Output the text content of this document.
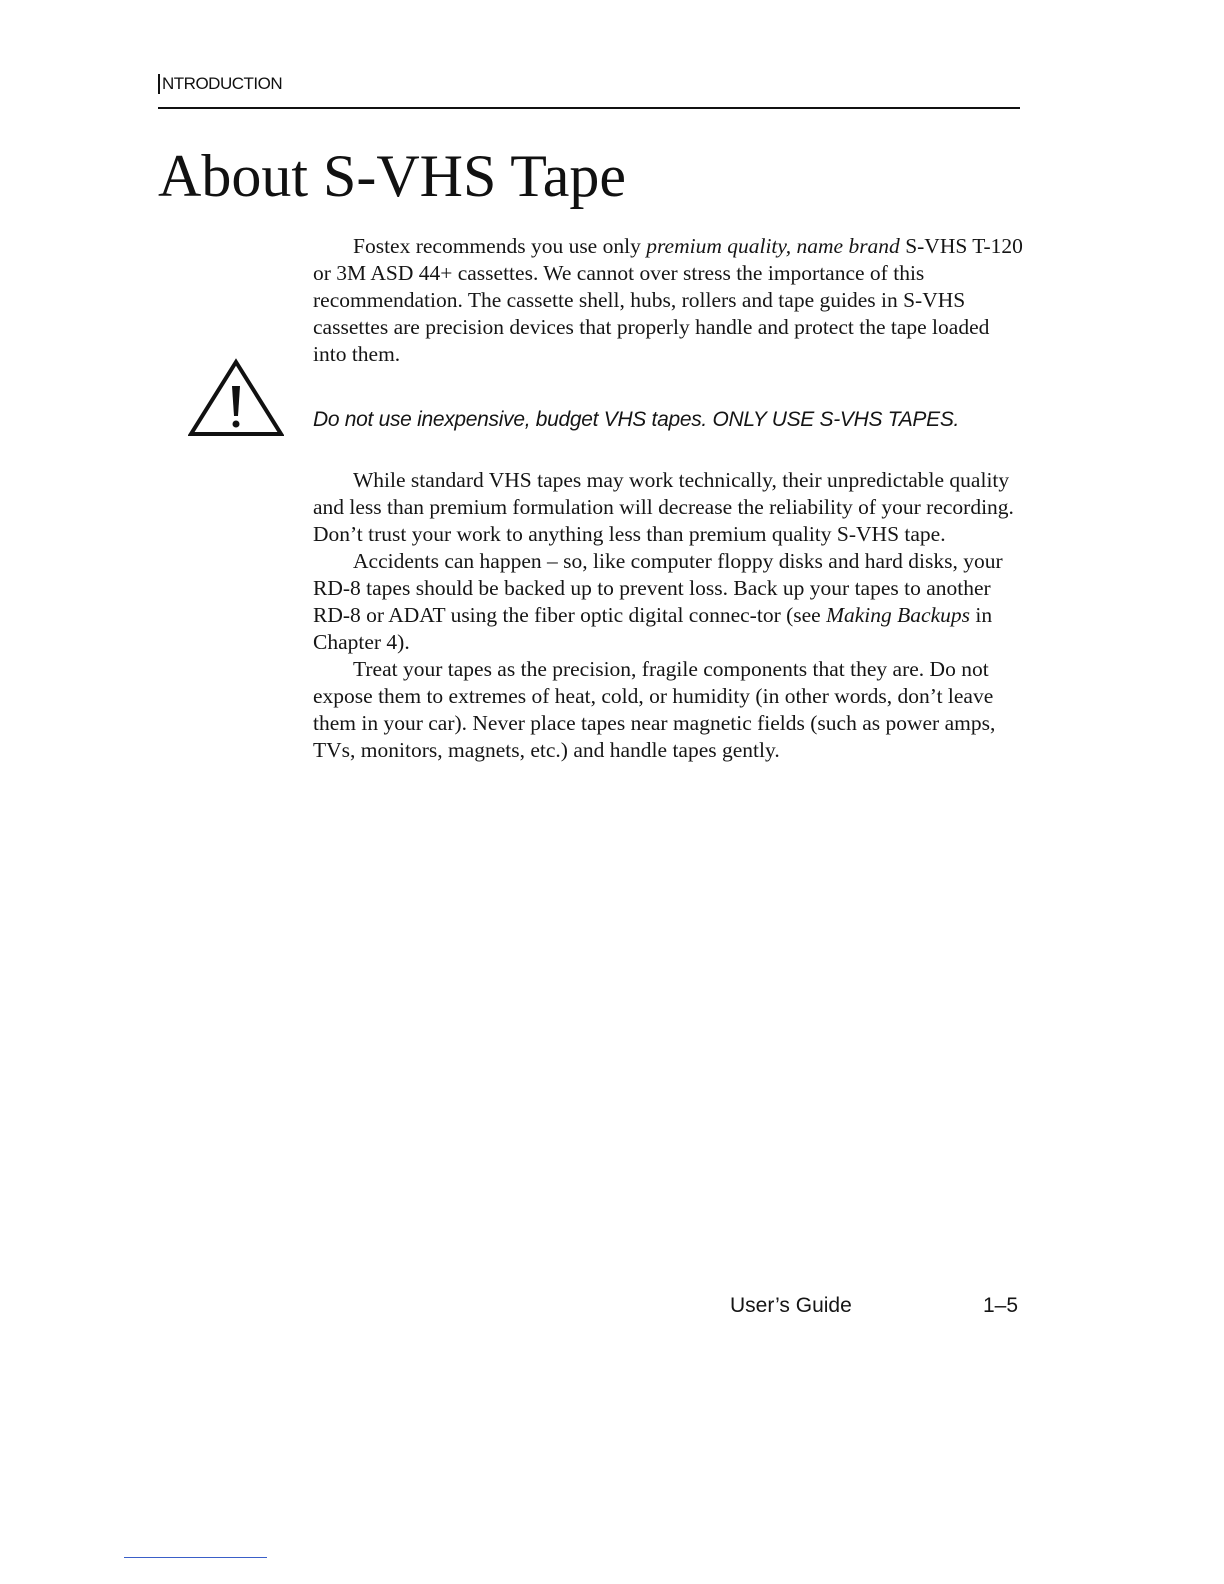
NTRODUCTION
About S-VHS Tape

Fostex recommends you use only premium quality, name brand S-VHS T-120 or 3M ASD 44+ cassettes. We cannot over stress the importance of this recommendation. The cassette shell, hubs, rollers and tape guides in S-VHS cassettes are precision devices that properly handle and protect the tape loaded into them.

Do not use inexpensive, budget VHS tapes. ONLY USE S-VHS TAPES.

While standard VHS tapes may work technically, their unpredictable quality and less than premium formulation will decrease the reliability of your recording. Don’t trust your work to anything less than premium quality S-VHS tape.

Accidents can happen – so, like computer floppy disks and hard disks, your RD-8 tapes should be backed up to prevent loss. Back up your tapes to another RD-8 or ADAT using the fiber optic digital connec-tor (see Making Backups in Chapter 4).

Treat your tapes as the precision, fragile components that they are. Do not expose them to extremes of heat, cold, or humidity (in other words, don’t leave them in your car). Never place tapes near magnetic fields (such as power amps, TVs, monitors, magnets, etc.) and handle tapes gently.

User’s Guide	1–5
